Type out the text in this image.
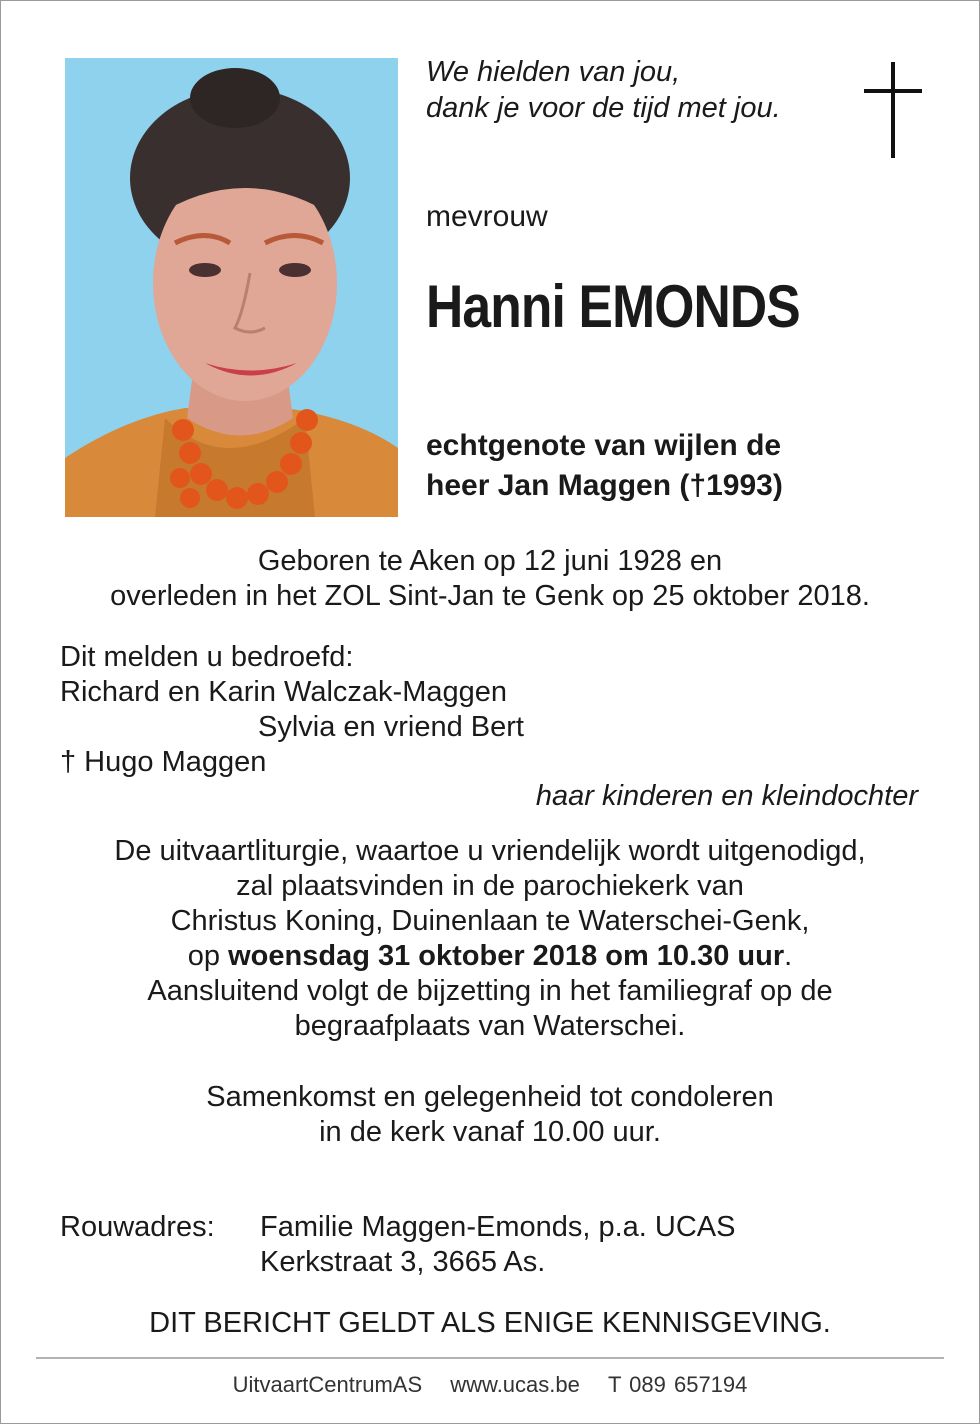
We hielden van jou,
dank je voor de tijd met jou.
mevrouw
Hanni EMONDS
echtgenote van wijlen de
heer Jan Maggen (†1993)
Geboren te Aken op 12 juni 1928 en
overleden in het ZOL Sint-Jan te Genk op 25 oktober 2018.
Dit melden u bedroefd:
Richard en Karin Walczak-Maggen
Sylvia en vriend Bert
† Hugo Maggen
haar kinderen en kleindochter
De uitvaartliturgie, waartoe u vriendelijk wordt uitgenodigd,
zal plaatsvinden in de parochiekerk van
Christus Koning, Duinenlaan te Waterschei-Genk,
op woensdag 31 oktober 2018 om 10.30 uur.
Aansluitend volgt de bijzetting in het familiegraf op de
begraafplaats van Waterschei.
Samenkomst en gelegenheid tot condoleren
in de kerk vanaf 10.00 uur.
Rouwadres: Familie Maggen-Emonds, p.a. UCAS
Kerkstraat 3, 3665 As.
DIT BERICHT GELDT ALS ENIGE KENNISGEVING.
UitvaartCentrumAS www.ucas.be T 089 657194
